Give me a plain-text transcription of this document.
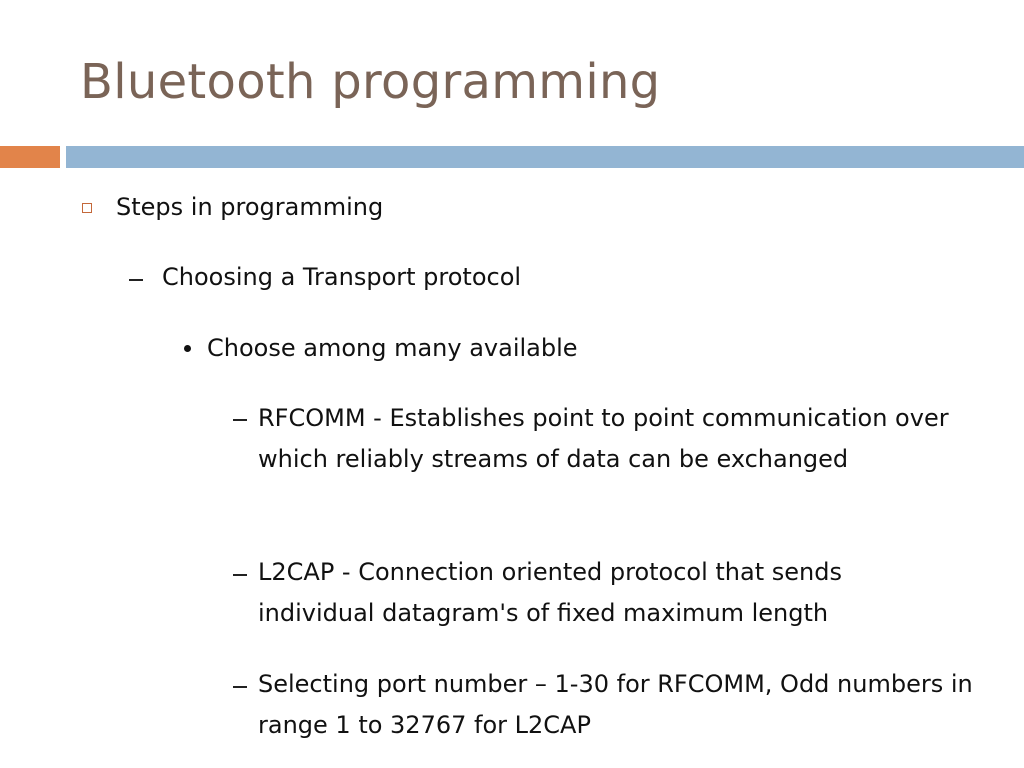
Bluetooth programming
Steps in programming
Choosing a Transport protocol
Choose among many available
RFCOMM - Establishes point to point communication over which reliably streams of data can be exchanged
L2CAP - Connection oriented protocol that sends individual datagram's of fixed maximum length
Selecting port number – 1-30 for RFCOMM, Odd numbers in range 1 to 32767 for L2CAP
